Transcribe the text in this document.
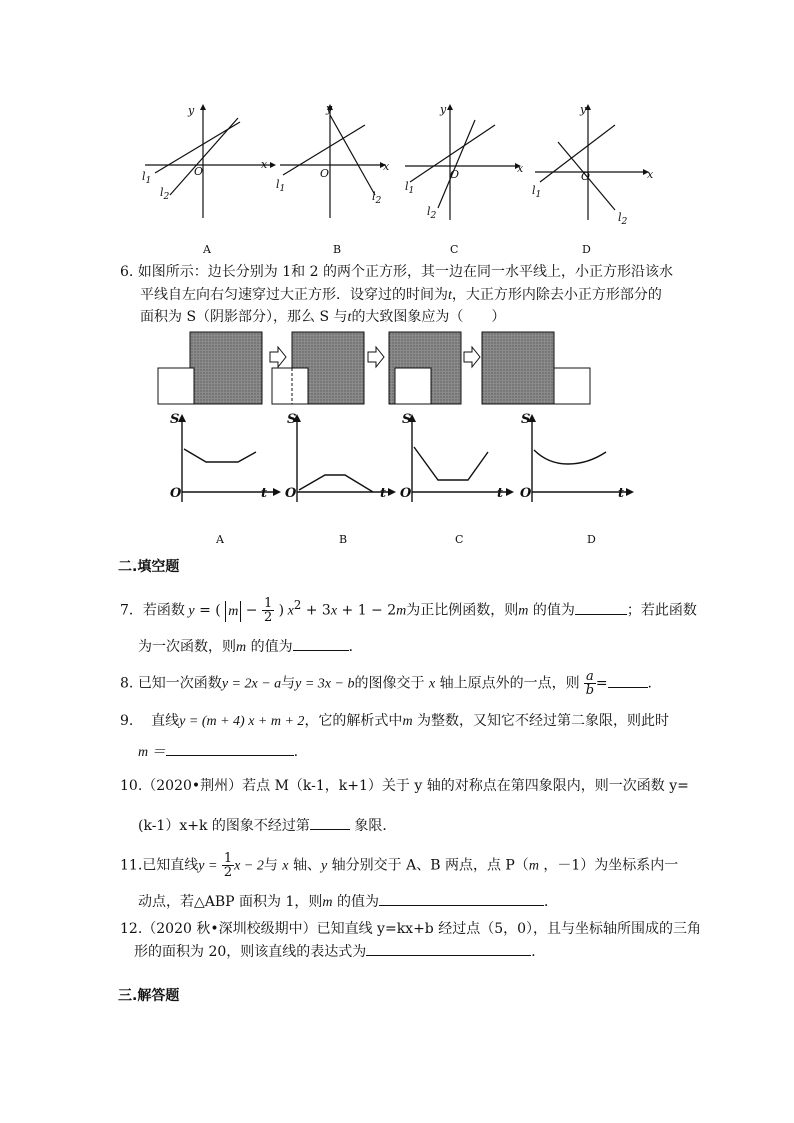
y
x
O
$l_1$
$l_2$
A
y
x
O
$l_1$
$l_2$
B
y
x
O
$l_1$
$l_2$
C
y
x
O
$l_1$
$l_2$
D
6. 如图所示：边长分别为 1和 2 的两个正方形，其一边在同一水平线上，小正方形沿该水
平线自左向右匀速穿过大正方形．设穿过的时间为t，大正方形内除去小正方形部分的
面积为 S（阴影部分），那么 S 与t的大致图象应为（　　）
S
O	t
A
S
O	t
B
S
O	t
C
S
O	t
D
二.填空题
7．若函数 y = ( $m - \frac{1}{2}$ ) $x^2 + 3x + 1 - 2m$为正比例函数，则m 的值为	；若此函数
为一次函数，则m 的值为	．
8. 已知一次函数y = 2x − a与y = 3x − b的图像交于 x 轴上原点外的一点，则 $\frac{a}{b}$ =	.
9. 直线y = (m + 4) x + m + 2，它的解析式中m 为整数，又知它不经过第二象限，则此时
m ＝	.
10.（2020•荆州）若点 M（k-1，k+1）关于 y 轴的对称点在第四象限内，则一次函数 y=
(k-1）x+k 的图象不经过第	象限．
11.已知直线$y = \frac{1}{2}$ x − 2与 x 轴、y 轴分别交于 A、B 两点，点 P（m ，－1）为坐标系内一
动点，若△ABP 面积为 1，则m 的值为	．
12.（2020 秋•深圳校级期中）已知直线 y=kx+b 经过点（5，0），且与坐标轴所围成的三角
形的面积为 20，则该直线的表达式为	．
三.解答题
